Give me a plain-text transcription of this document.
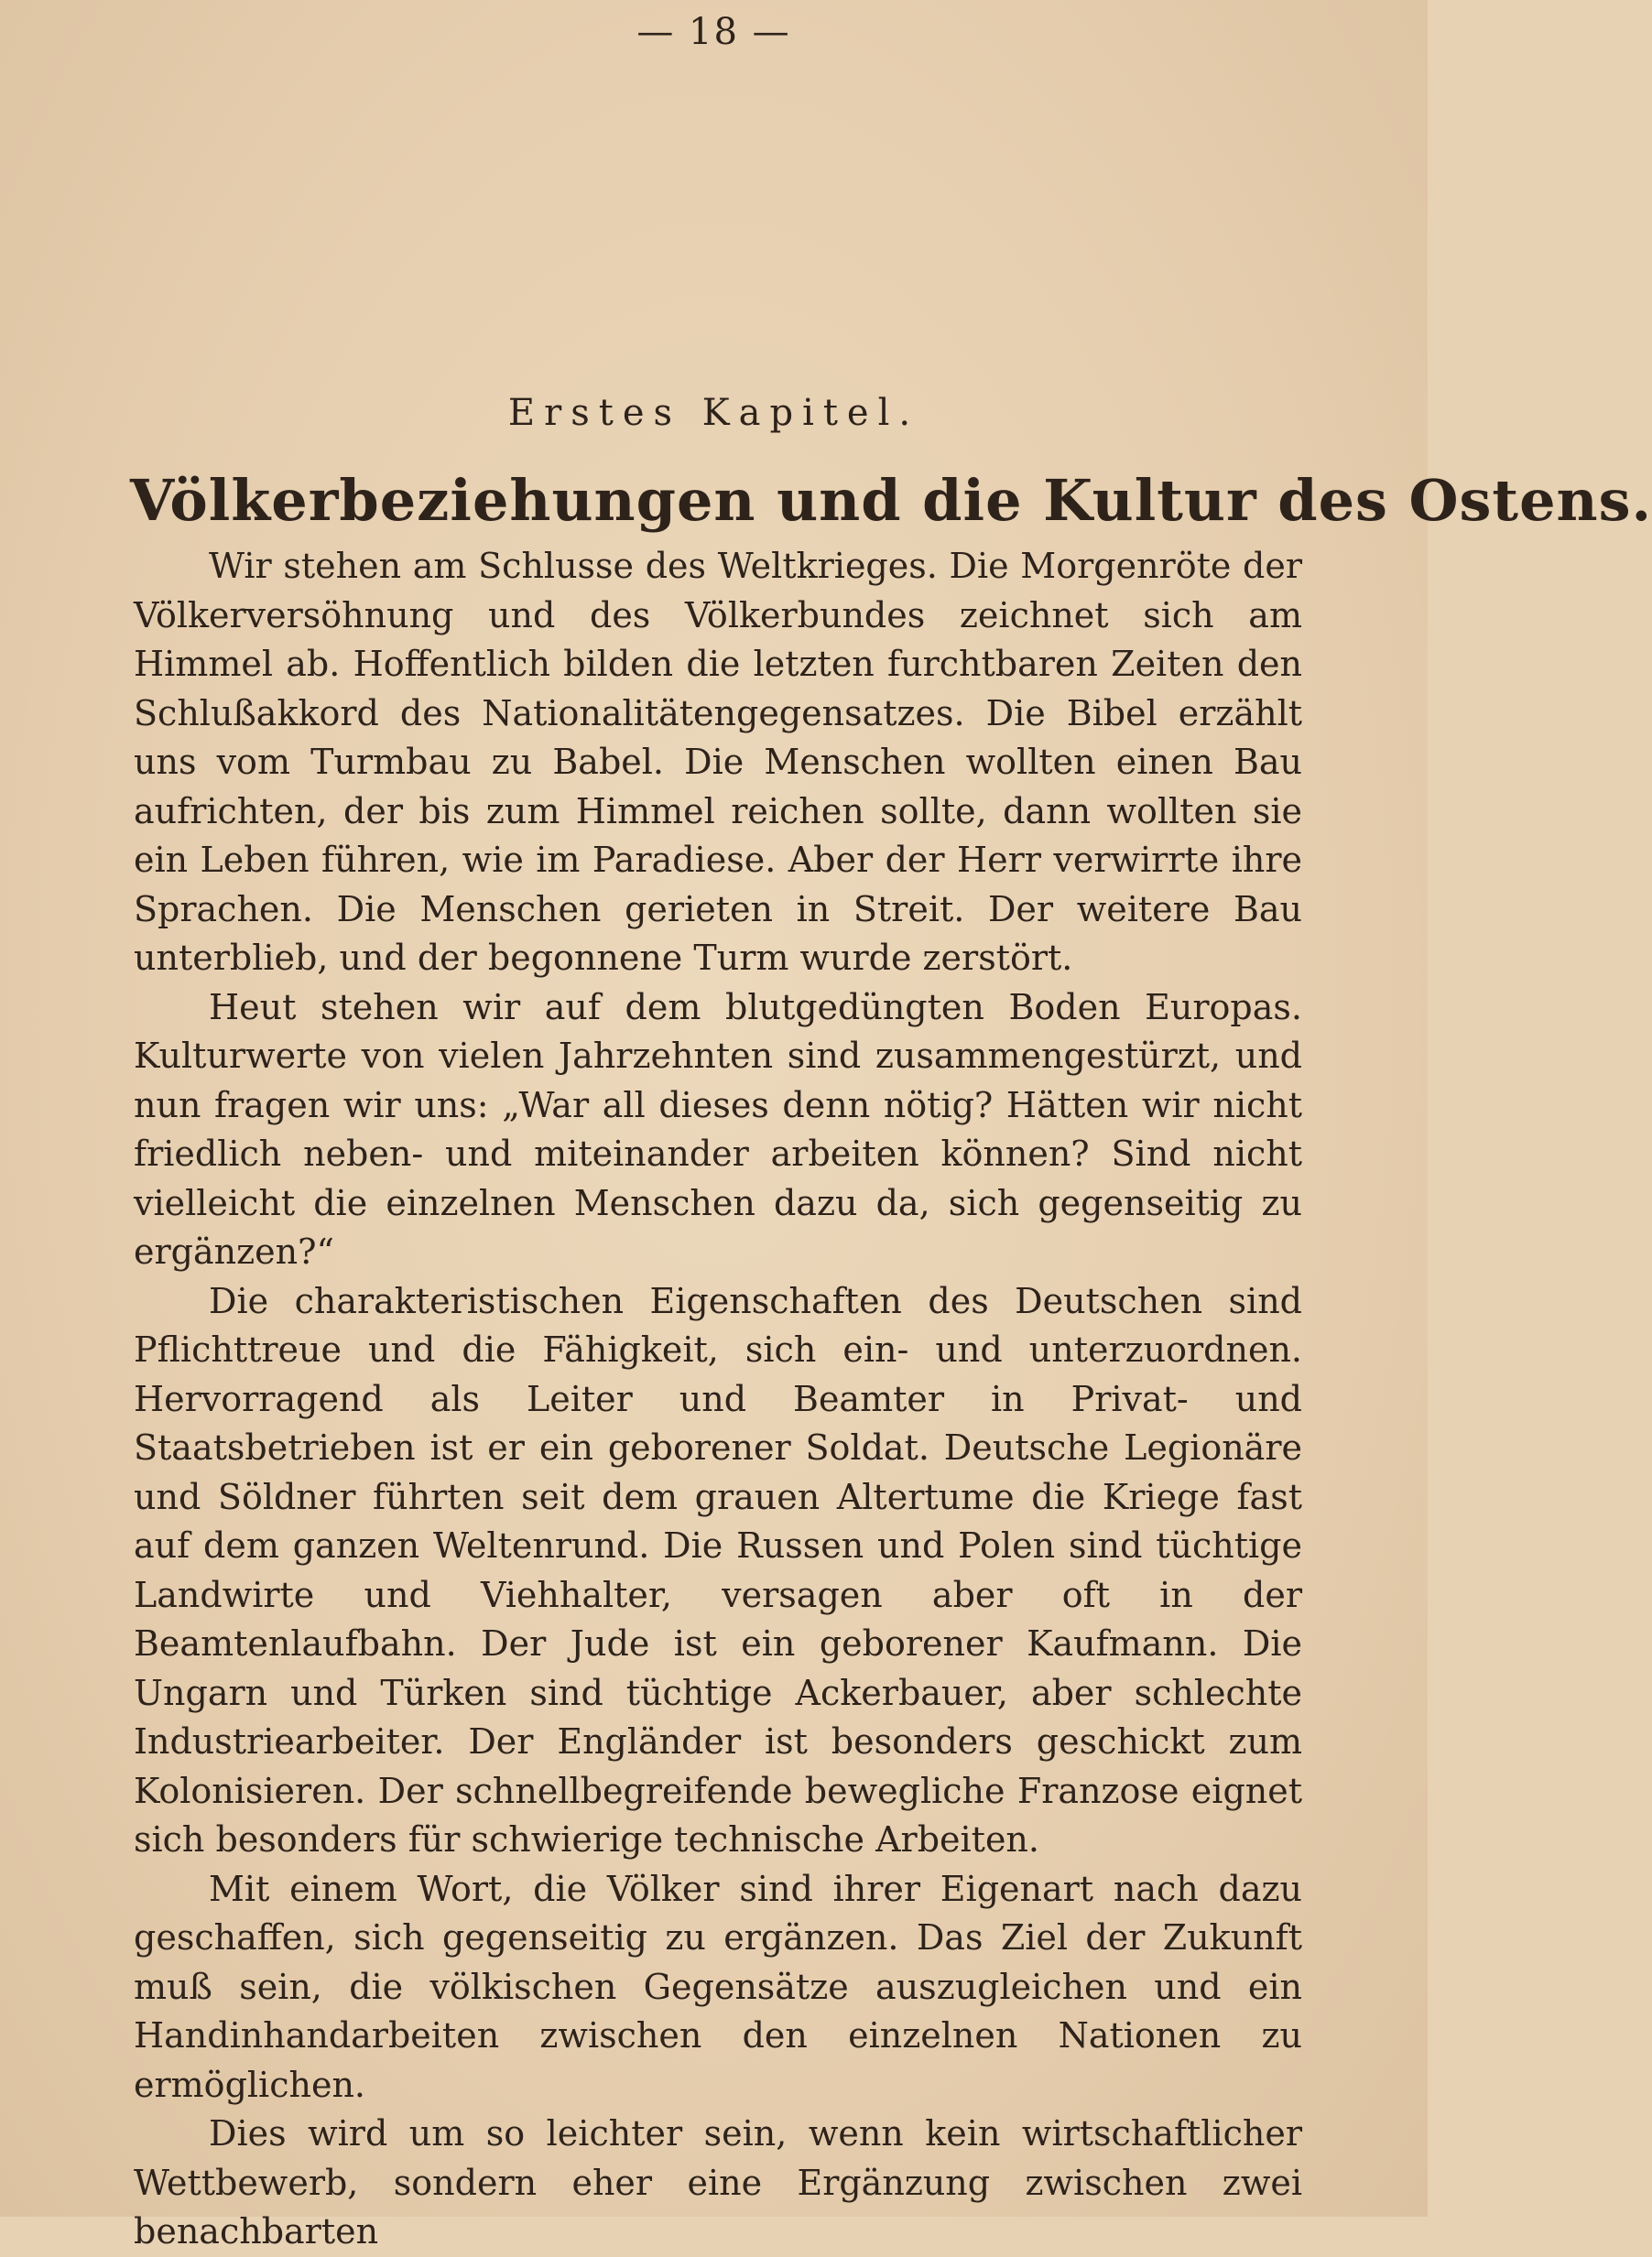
— 18 —
Erstes Kapitel.
Völkerbeziehungen und die Kultur des Ostens.

Wir stehen am Schlusse des Weltkrieges. Die Morgenröte der Völkerversöhnung und des Völkerbundes zeichnet sich am Himmel ab. Hoffentlich bilden die letzten furchtbaren Zeiten den Schlußakkord des Nationalitätengegensatzes. Die Bibel erzählt uns vom Turmbau zu Babel. Die Menschen wollten einen Bau aufrichten, der bis zum Himmel reichen sollte, dann wollten sie ein Leben führen, wie im Paradiese. Aber der Herr verwirrte ihre Sprachen. Die Menschen gerieten in Streit. Der weitere Bau unterblieb, und der begonnene Turm wurde zerstört.

Heut stehen wir auf dem blutgedüngten Boden Europas. Kulturwerte von vielen Jahrzehnten sind zusammengestürzt, und nun fragen wir uns: „War all dieses denn nötig? Hätten wir nicht friedlich neben- und miteinander arbeiten können? Sind nicht vielleicht die einzelnen Menschen dazu da, sich gegenseitig zu ergänzen?“

Die charakteristischen Eigenschaften des Deutschen sind Pflichttreue und die Fähigkeit, sich ein- und unterzuordnen. Hervorragend als Leiter und Beamter in Privat- und Staatsbetrieben ist er ein geborener Soldat. Deutsche Legionäre und Söldner führten seit dem grauen Altertume die Kriege fast auf dem ganzen Weltenrund. Die Russen und Polen sind tüchtige Landwirte und Viehhalter, versagen aber oft in der Beamtenlaufbahn. Der Jude ist ein geborener Kaufmann. Die Ungarn und Türken sind tüchtige Ackerbauer, aber schlechte Industriearbeiter. Der Engländer ist besonders geschickt zum Kolonisieren. Der schnellbegreifende bewegliche Franzose eignet sich besonders für schwierige technische Arbeiten.

Mit einem Wort, die Völker sind ihrer Eigenart nach dazu geschaffen, sich gegenseitig zu ergänzen. Das Ziel der Zukunft muß sein, die völkischen Gegensätze auszugleichen und ein Handinhandarbeiten zwischen den einzelnen Nationen zu ermöglichen.

Dies wird um so leichter sein, wenn kein wirtschaftlicher Wettbewerb, sondern eher eine Ergänzung zwischen zwei benachbarten
